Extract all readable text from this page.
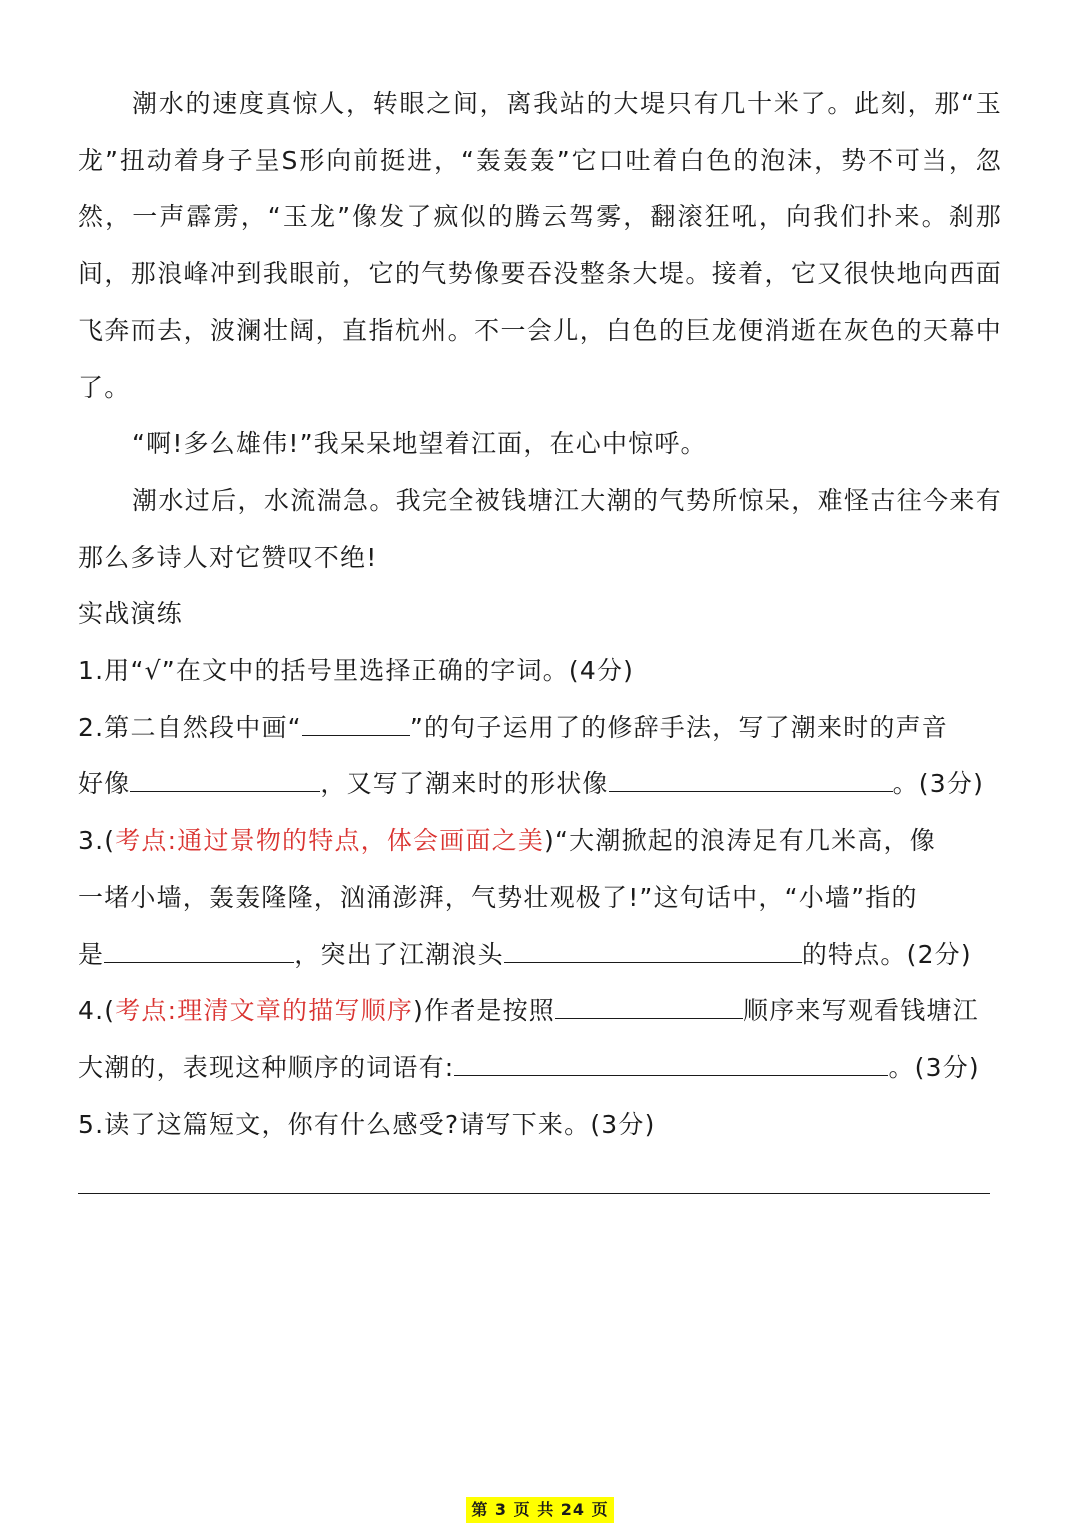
潮水的速度真惊人，转眼之间，离我站的大堤只有几十米了。此刻，那“玉龙”扭动着身子呈S形向前挺进，“轰轰轰”它口吐着白色的泡沫，势不可当，忽然，一声霹雳，“玉龙”像发了疯似的腾云驾雾，翻滚狂吼，向我们扑来。刹那间，那浪峰冲到我眼前，它的气势像要吞没整条大堤。接着，它又很快地向西面飞奔而去，波澜壮阔，直指杭州。不一会儿，白色的巨龙便消逝在灰色的天幕中了。

“啊!多么雄伟!”我呆呆地望着江面，在心中惊呼。

潮水过后，水流湍急。我完全被钱塘江大潮的气势所惊呆，难怪古往今来有那么多诗人对它赞叹不绝!

实战演练

1.用“√”在文中的括号里选择正确的字词。(4分)

2.第二自然段中画“	”的句子运用了的修辞手法，写了潮来时的声音

好像	，又写了潮来时的形状像	。(3分)

3.(考点:通过景物的特点，体会画面之美)“大潮掀起的浪涛足有几米高，像

一堵小墙，轰轰隆隆，汹涌澎湃，气势壮观极了!”这句话中，“小墙”指的

是	，突出了江潮浪头	的特点。(2分)

4.(考点:理清文章的描写顺序)作者是按照	顺序来写观看钱塘江

大潮的，表现这种顺序的词语有:	。(3分)

5.读了这篇短文，你有什么感受?请写下来。(3分)

第 3 页 共 24 页
